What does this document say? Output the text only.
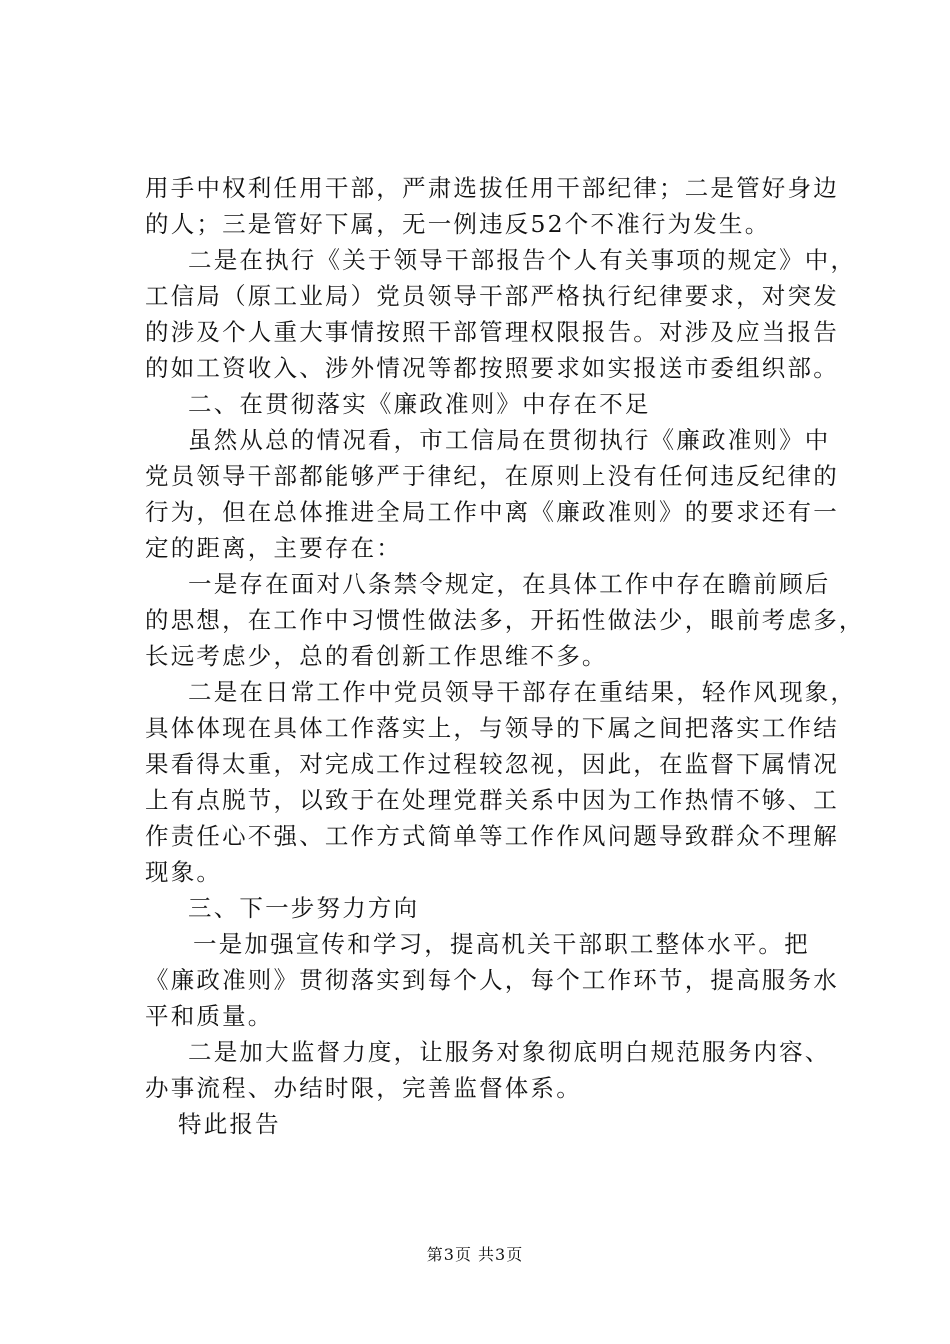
用手中权利任用干部，严肃选拔任用干部纪律；二是管好身边
的人；三是管好下属，无一例违反52个不准行为发生。
二是在执行《关于领导干部报告个人有关事项的规定》中，
工信局（原工业局）党员领导干部严格执行纪律要求，对突发
的涉及个人重大事情按照干部管理权限报告。对涉及应当报告
的如工资收入、涉外情况等都按照要求如实报送市委组织部。
二、在贯彻落实《廉政准则》中存在不足
虽然从总的情况看，市工信局在贯彻执行《廉政准则》中
党员领导干部都能够严于律纪，在原则上没有任何违反纪律的
行为，但在总体推进全局工作中离《廉政准则》的要求还有一
定的距离，主要存在：
一是存在面对八条禁令规定，在具体工作中存在瞻前顾后
的思想，在工作中习惯性做法多，开拓性做法少，眼前考虑多，
长远考虑少，总的看创新工作思维不多。
二是在日常工作中党员领导干部存在重结果，轻作风现象，
具体体现在具体工作落实上，与领导的下属之间把落实工作结
果看得太重，对完成工作过程较忽视，因此，在监督下属情况
上有点脱节，以致于在处理党群关系中因为工作热情不够、工
作责任心不强、工作方式简单等工作作风问题导致群众不理解
现象。
三、下一步努力方向
一是加强宣传和学习，提高机关干部职工整体水平。把
《廉政准则》贯彻落实到每个人，每个工作环节，提高服务水
平和质量。
二是加大监督力度，让服务对象彻底明白规范服务内容、
办事流程、办结时限，完善监督体系。
特此报告
第3页 共3页
